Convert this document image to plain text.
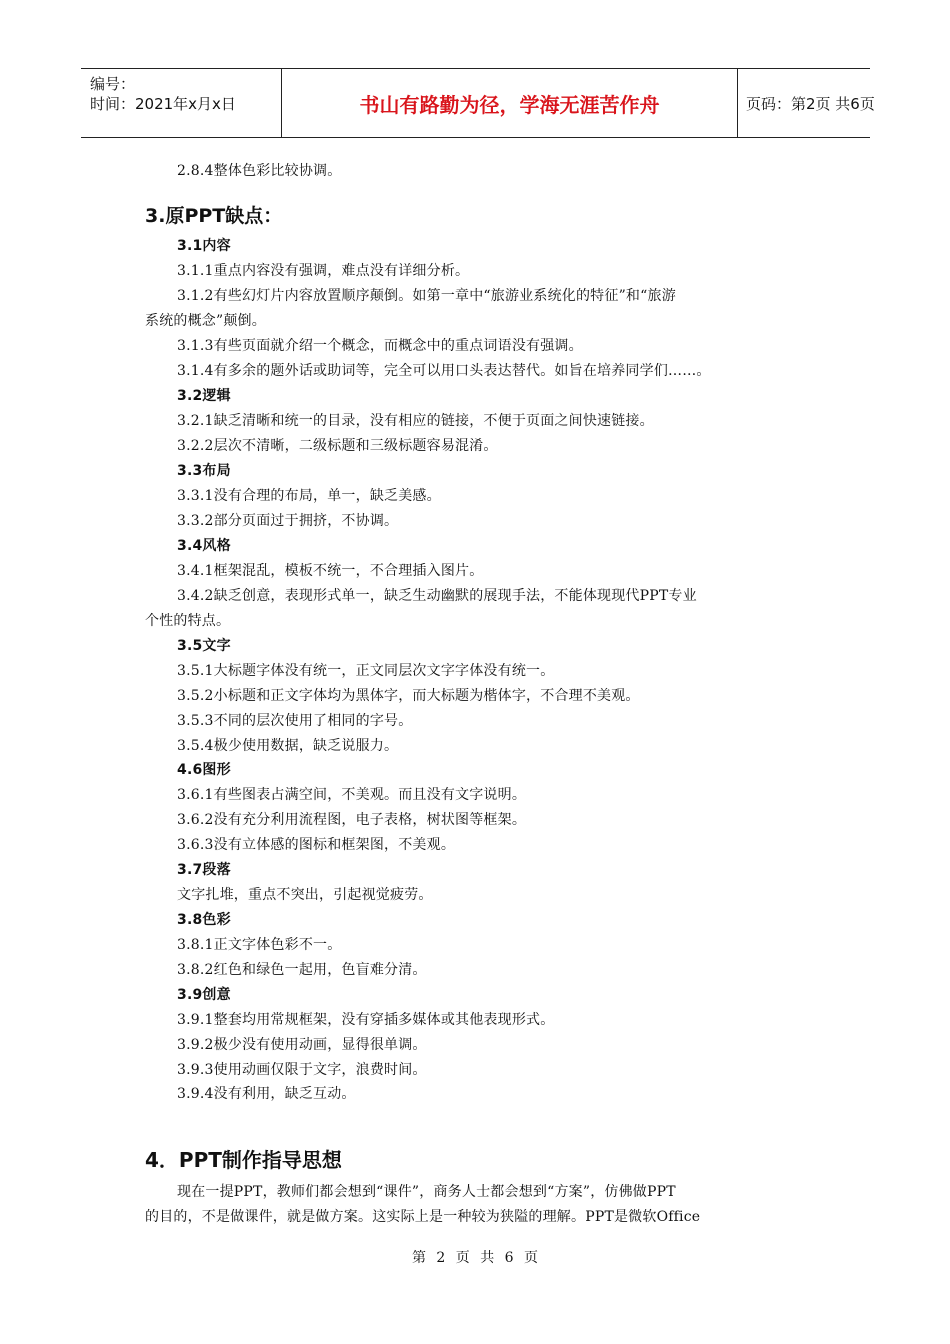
编号：
时间：2021年x月x日	书山有路勤为径，学海无涯苦作舟	页码：第2页 共6页
2.8.4整体色彩比较协调。
3.原PPT缺点：
3.1内容
3.1.1重点内容没有强调，难点没有详细分析。
3.1.2有些幻灯片内容放置顺序颠倒。如第一章中“旅游业系统化的特征”和“旅游
系统的概念”颠倒。
3.1.3有些页面就介绍一个概念，而概念中的重点词语没有强调。
3.1.4有多余的题外话或助词等，完全可以用口头表达替代。如旨在培养同学们……。
3.2逻辑
3.2.1缺乏清晰和统一的目录，没有相应的链接，不便于页面之间快速链接。
3.2.2层次不清晰，二级标题和三级标题容易混淆。
3.3布局
3.3.1没有合理的布局，单一，缺乏美感。
3.3.2部分页面过于拥挤，不协调。
3.4风格
3.4.1框架混乱，模板不统一，不合理插入图片。
3.4.2缺乏创意，表现形式单一，缺乏生动幽默的展现手法，不能体现现代PPT专业
个性的特点。
3.5文字
3.5.1大标题字体没有统一，正文同层次文字字体没有统一。
3.5.2小标题和正文字体均为黑体字，而大标题为楷体字，不合理不美观。
3.5.3不同的层次使用了相同的字号。
3.5.4极少使用数据，缺乏说服力。
4.6图形
3.6.1有些图表占满空间，不美观。而且没有文字说明。
3.6.2没有充分利用流程图，电子表格，树状图等框架。
3.6.3没有立体感的图标和框架图，不美观。
3.7段落
文字扎堆，重点不突出，引起视觉疲劳。
3.8色彩
3.8.1正文字体色彩不一。
3.8.2红色和绿色一起用，色盲难分清。
3.9创意
3.9.1整套均用常规框架，没有穿插多媒体或其他表现形式。
3.9.2极少没有使用动画，显得很单调。
3.9.3使用动画仅限于文字，浪费时间。
3.9.4没有利用，缺乏互动。
4．PPT制作指导思想
现在一提PPT，教师们都会想到“课件”，商务人士都会想到“方案”，仿佛做PPT
的目的，不是做课件，就是做方案。这实际上是一种较为狭隘的理解。PPT是微软Office
第 2 页 共 6 页
